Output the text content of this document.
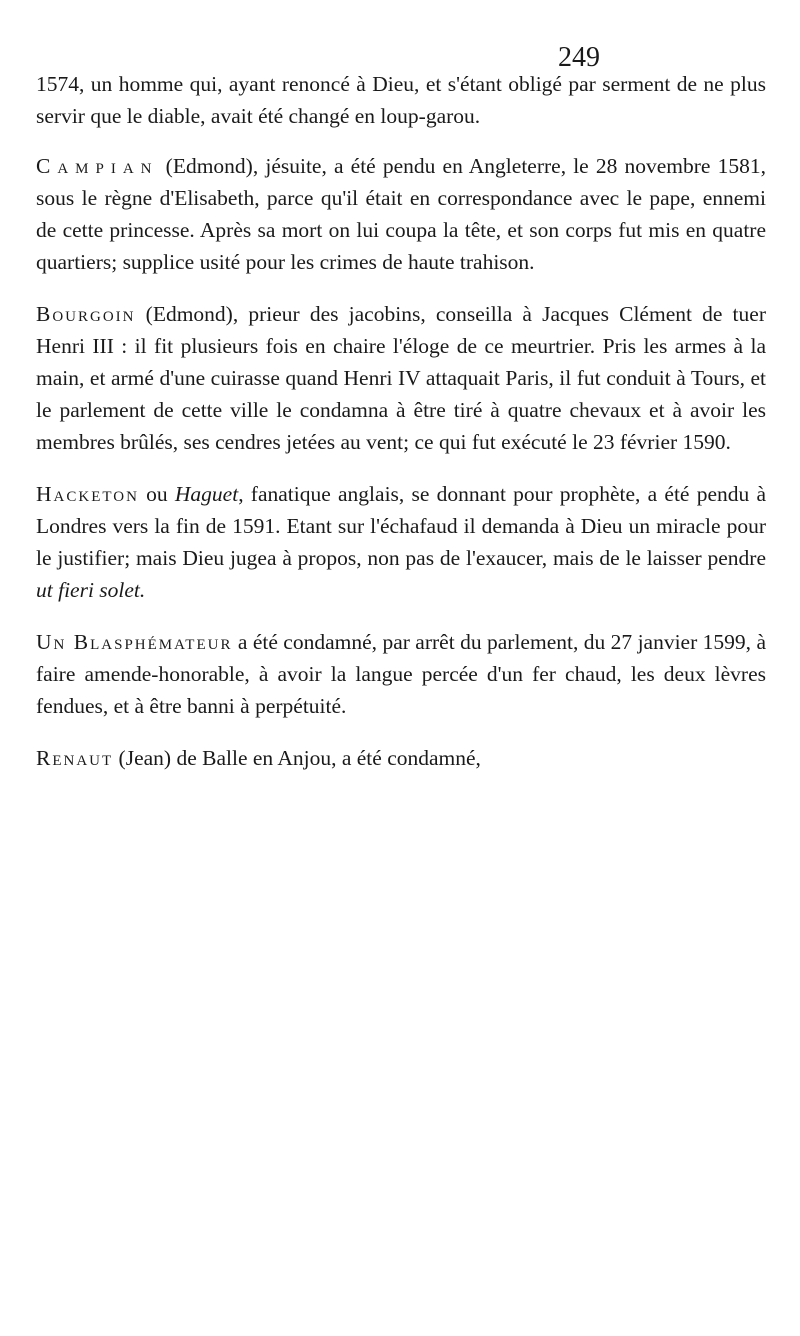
249

1574, un homme qui, ayant renoncé à Dieu, et s'étant obligé par serment de ne plus servir que le diable, avait été changé en loup-garou.

Campian (Edmond), jésuite, a été pendu en Angleterre, le 28 novembre 1581, sous le règne d'Elisabeth, parce qu'il était en correspondance avec le pape, ennemi de cette princesse. Après sa mort on lui coupa la tête, et son corps fut mis en quatre quartiers; supplice usité pour les crimes de haute trahison.

Bourgoin (Edmond), prieur des jacobins, conseilla à Jacques Clément de tuer Henri III : il fit plusieurs fois en chaire l'éloge de ce meurtrier. Pris les armes à la main, et armé d'une cuirasse quand Henri IV attaquait Paris, il fut conduit à Tours, et le parlement de cette ville le condamna à être tiré à quatre chevaux et à avoir les membres brûlés, ses cendres jetées au vent; ce qui fut exécuté le 23 février 1590.

Hacketon ou Haguet, fanatique anglais, se donnant pour prophète, a été pendu à Londres vers la fin de 1591. Etant sur l'échafaud il demanda à Dieu un miracle pour le justifier; mais Dieu jugea à propos, non pas de l'exaucer, mais de le laisser pendre ut fieri solet.

Un Blasphémateur a été condamné, par arrêt du parlement, du 27 janvier 1599, à faire amende-honorable, à avoir la langue percée d'un fer chaud, les deux lèvres fendues, et à être banni à perpétuité.

Renaut (Jean) de Balle en Anjou, a été condamné,
